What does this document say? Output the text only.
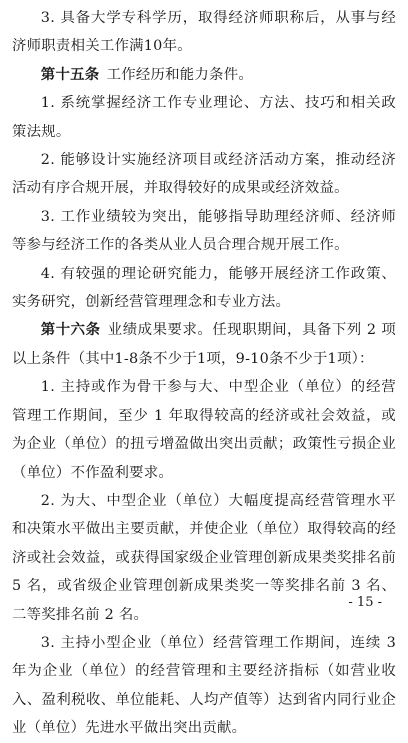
3. 具备大学专科学历，取得经济师职称后，从事与经济师职责相关工作满10年。

第十五条 工作经历和能力条件。

1. 系统掌握经济工作专业理论、方法、技巧和相关政策法规。

2. 能够设计实施经济项目或经济活动方案，推动经济活动有序合规开展，并取得较好的成果或经济效益。

3. 工作业绩较为突出，能够指导助理经济师、经济师等参与经济工作的各类从业人员合理合规开展工作。

4. 有较强的理论研究能力，能够开展经济工作政策、实务研究，创新经营管理理念和专业方法。

第十六条 业绩成果要求。任现职期间，具备下列 2 项以上条件（其中1-8条不少于1项，9-10条不少于1项）：

1. 主持或作为骨干参与大、中型企业（单位）的经营管理工作期间，至少 1 年取得较高的经济或社会效益，或为企业（单位）的扭亏增盈做出突出贡献；政策性亏损企业（单位）不作盈利要求。

2. 为大、中型企业（单位）大幅度提高经营管理水平和决策水平做出主要贡献，并使企业（单位）取得较高的经济或社会效益，或获得国家级企业管理创新成果类奖排名前 5 名，或省级企业管理创新成果类奖一等奖排名前 3 名、二等奖排名前 2 名。

3. 主持小型企业（单位）经营管理工作期间，连续 3 年为企业（单位）的经营管理和主要经济指标（如营业收入、盈利税收、单位能耗、人均产值等）达到省内同行业企业（单位）先进水平做出突出贡献。

- 15 -
